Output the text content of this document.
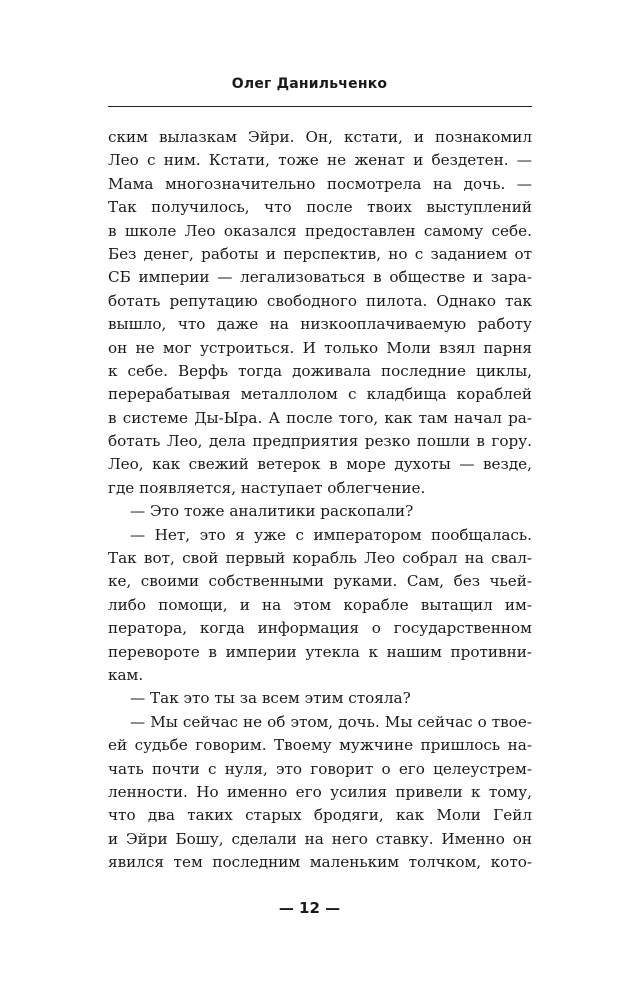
Олег Данильченко
ским вылазкам Эйри. Он, кстати, и познакомил
Лео с ним. Кстати, тоже не женат и бездетен. —
Мама многозначительно посмотрела на дочь. —
Так получилось, что после твоих выступлений
в школе Лео оказался предоставлен самому себе.
Без денег, работы и перспектив, но с заданием от
СБ империи — легализоваться в обществе и зара-
ботать репутацию свободного пилота. Однако так
вышло, что даже на низкооплачиваемую работу
он не мог устроиться. И только Моли взял парня
к себе. Верфь тогда доживала последние циклы,
перерабатывая металлолом с кладбища кораблей
в системе Ды-Ыра. А после того, как там начал ра-
ботать Лео, дела предприятия резко пошли в гору.
Лео, как свежий ветерок в море духоты — везде,
где появляется, наступает облегчение.
— Это тоже аналитики раскопали?
— Нет, это я уже с императором пообщалась.
Так вот, свой первый корабль Лео собрал на свал-
ке, своими собственными руками. Сам, без чьей-
либо помощи, и на этом корабле вытащил им-
ператора, когда информация о государственном
перевороте в империи утекла к нашим противни-
кам.
— Так это ты за всем этим стояла?
— Мы сейчас не об этом, дочь. Мы сейчас о твое-
ей судьбе говорим. Твоему мужчине пришлось на-
чать почти с нуля, это говорит о его целеустрем-
ленности. Но именно его усилия привели к тому,
что два таких старых бродяги, как Моли Гейл
и Эйри Бошу, сделали на него ставку. Именно он
явился тем последним маленьким толчком, кото-
— 12 —
